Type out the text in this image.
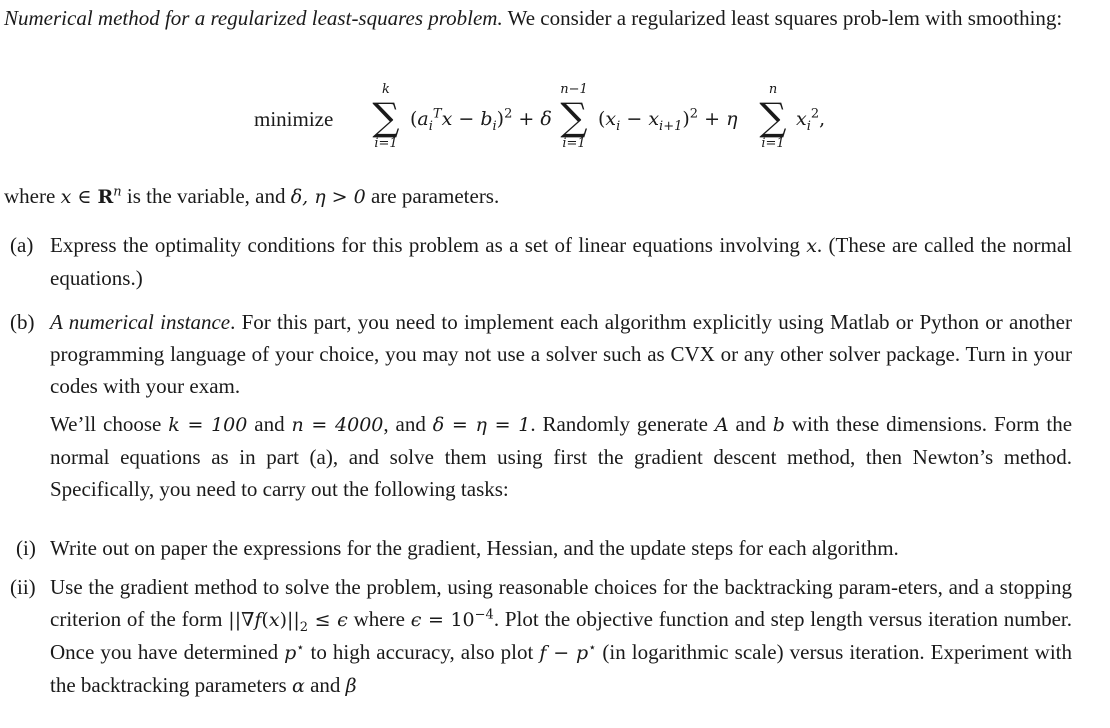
Numerical method for a regularized least-squares problem. We consider a regularized least squares prob-lem with smoothing:

minimize
k
∑
i=1
$(a_i^Tx - b_i)^2 + \delta$
n−1
∑
i=1
$(x_i - x_{i+1})^2 + \eta$
n
∑
i=1
$x_i^2$,

where x ∈ $R^n$ is the variable, and δ, η > 0 are parameters.

(a) Express the optimality conditions for this problem as a set of linear equations involving x. (These are called the normal equations.)
(b) A numerical instance. For this part, you need to implement each algorithm explicitly using Matlab or Python or another programming language of your choice, you may not use a solver such as CVX or any other solver package. Turn in your codes with your exam.
We’ll choose k = 100 and n = 4000, and δ = η = 1. Randomly generate A and b with these dimensions. Form the normal equations as in part (a), and solve them using first the gradient descent method, then Newton’s method. Specifically, you need to carry out the following tasks:
(i) Write out on paper the expressions for the gradient, Hessian, and the update steps for each algorithm.
(ii) Use the gradient method to solve the problem, using reasonable choices for the backtracking param-eters, and a stopping criterion of the form $||\nabla f(x)||_2 \le \epsilon$ where $\epsilon = 10^{-4}$. Plot the objective function and step length versus iteration number. Once you have determined p⋆ to high accuracy, also plot f − p⋆ (in logarithmic scale) versus iteration. Experiment with the backtracking parameters α and β
